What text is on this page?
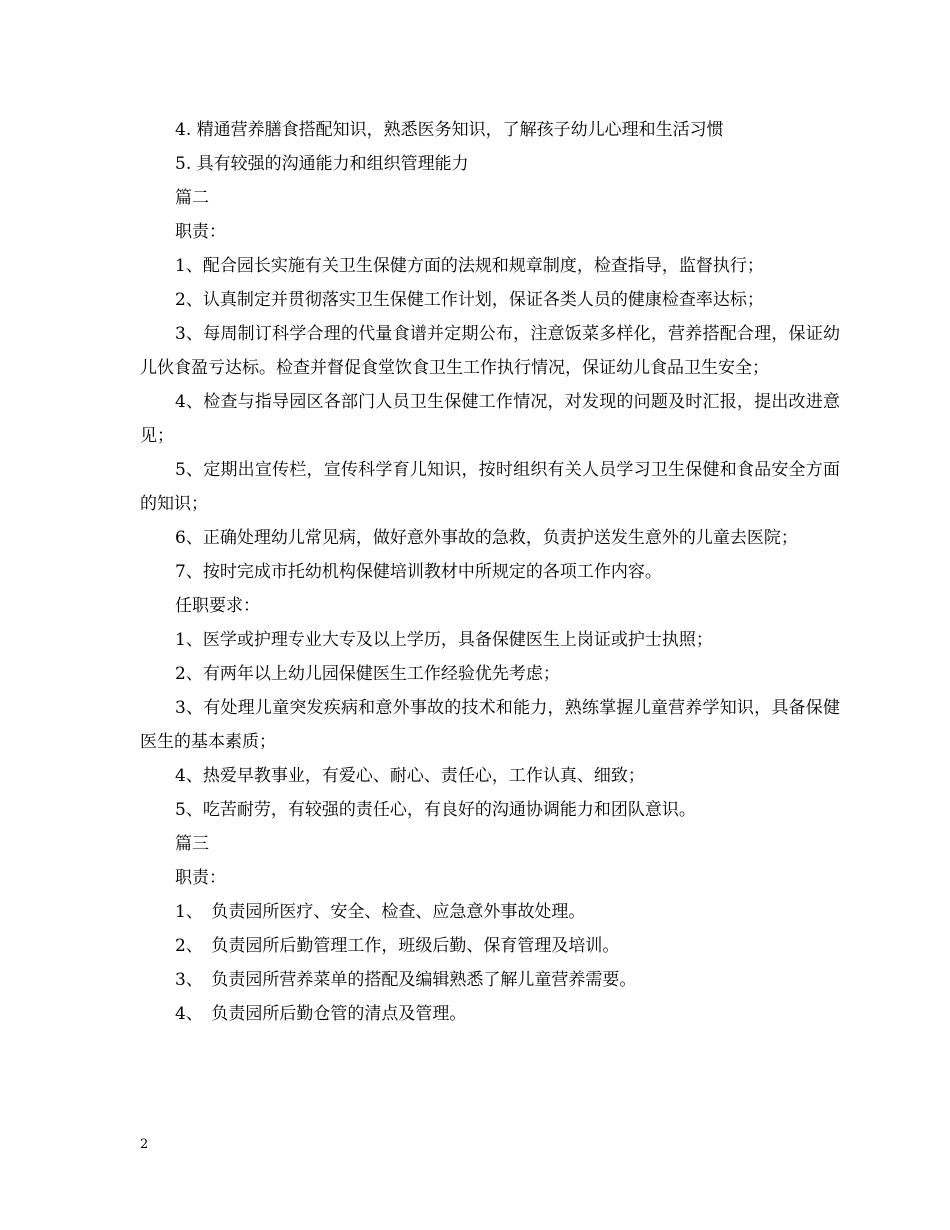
4. 精通营养膳食搭配知识，熟悉医务知识，了解孩子幼儿心理和生活习惯

5. 具有较强的沟通能力和组织管理能力

篇二

职责：

1、配合园长实施有关卫生保健方面的法规和规章制度，检查指导，监督执行；

2、认真制定并贯彻落实卫生保健工作计划，保证各类人员的健康检查率达标；

3、每周制订科学合理的代量食谱并定期公布，注意饭菜多样化，营养搭配合理，保证幼儿伙食盈亏达标。检查并督促食堂饮食卫生工作执行情况，保证幼儿食品卫生安全；

4、检查与指导园区各部门人员卫生保健工作情况，对发现的问题及时汇报，提出改进意见；

5、定期出宣传栏，宣传科学育儿知识，按时组织有关人员学习卫生保健和食品安全方面的知识；

6、正确处理幼儿常见病，做好意外事故的急救，负责护送发生意外的儿童去医院；

7、按时完成市托幼机构保健培训教材中所规定的各项工作内容。

任职要求：

1、医学或护理专业大专及以上学历，具备保健医生上岗证或护士执照；

2、有两年以上幼儿园保健医生工作经验优先考虑；

3、有处理儿童突发疾病和意外事故的技术和能力，熟练掌握儿童营养学知识，具备保健医生的基本素质；

4、热爱早教事业，有爱心、耐心、责任心，工作认真、细致；

5、吃苦耐劳，有较强的责任心，有良好的沟通协调能力和团队意识。

篇三

职责：

1、　负责园所医疗、安全、检查、应急意外事故处理。

2、　负责园所后勤管理工作，班级后勤、保育管理及培训。

3、　负责园所营养菜单的搭配及编辑熟悉了解儿童营养需要。

4、　负责园所后勤仓管的清点及管理。

2
